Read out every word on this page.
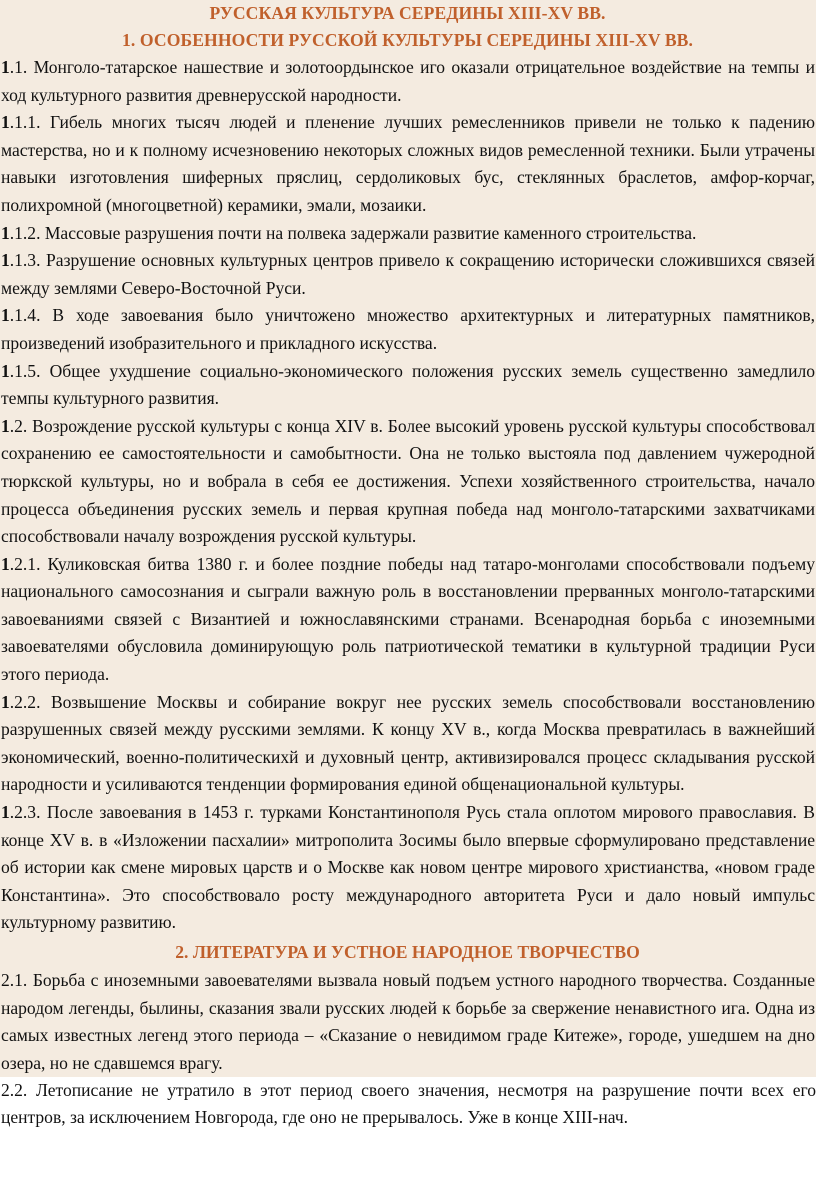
РУССКАЯ КУЛЬТУРА СЕРЕДИНЫ XIII-XV ВВ.
1. ОСОБЕННОСТИ РУССКОЙ КУЛЬТУРЫ СЕРЕДИНЫ XIII-XV ВВ.

1.1. Монголо-татарское нашествие и золотоордынское иго оказали отрицательное воздействие на темпы и ход культурного развития древнерусской народности.

1.1.1. Гибель многих тысяч людей и пленение лучших ремесленников привели не только к падению мастерства, но и к полному исчезновению некоторых сложных видов ремесленной техники. Были утрачены навыки изготовления шиферных пряслиц, сердоликовых бус, стеклянных браслетов, амфор-корчаг, полихромной (многоцветной) керамики, эмали, мозаики.

1.1.2. Массовые разрушения почти на полвека задержали развитие каменного строительства.

1.1.3. Разрушение основных культурных центров привело к сокращению исторически сложившихся связей между землями Северо-Восточной Руси.

1.1.4. В ходе завоевания было уничтожено множество архитектурных и литературных памятников, произведений изобразительного и прикладного искусства.

1.1.5. Общее ухудшение социально-экономического положения русских земель существенно замедлило темпы культурного развития.

1.2. Возрождение русской культуры с конца XIV в. Более высокий уровень русской культуры способствовал сохранению ее самостоятельности и самобытности. Она не только выстояла под давлением чужеродной тюркской культуры, но и вобрала в себя ее достижения. Успехи хозяйственного строительства, начало процесса объединения русских земель и первая крупная победа над монголо-татарскими захватчиками способствовали началу возрождения русской культуры.

1.2.1. Куликовская битва 1380 г. и более поздние победы над татаро-монголами способствовали подъему национального самосознания и сыграли важную роль в восстановлении прерванных монголо-татарскими завоеваниями связей с Византией и южнославянскими странами. Всенародная борьба с иноземными завоевателями обусловила доминирующую роль патриотической тематики в культурной традиции Руси этого периода.

1.2.2. Возвышение Москвы и собирание вокруг нее русских земель способствовали восстановлению разрушенных связей между русскими землями. К концу XV в., когда Москва превратилась в важнейший экономический, военно-политическихй и духовный центр, активизировался процесс складывания русской народности и усиливаются тенденции формирования единой общенациональной культуры.

1.2.3. После завоевания в 1453 г. турками Константинополя Русь стала оплотом мирового православия. В конце XV в. в «Изложении пасхалии» митрополита Зосимы было впервые сформулировано представление об истории как смене мировых царств и о Москве как новом центре мирового христианства, «новом граде Константина». Это способствовало росту международного авторитета Руси и дало новый импульс культурному развитию.

2. ЛИТЕРАТУРА И УСТНОЕ НАРОДНОЕ ТВОРЧЕСТВО

2.1. Борьба с иноземными завоевателями вызвала новый подъем устного народного творчества. Созданные народом легенды, былины, сказания звали русских людей к борьбе за свержение ненавистного ига. Одна из самых известных легенд этого периода – «Сказание о невидимом граде Китеже», городе, ушедшем на дно озера, но не сдавшемся врагу.

2.2. Летописание не утратило в этот период своего значения, несмотря на разрушение почти всех его центров, за исключением Новгорода, где оно не прерывалось. Уже в конце XIII-нач.
